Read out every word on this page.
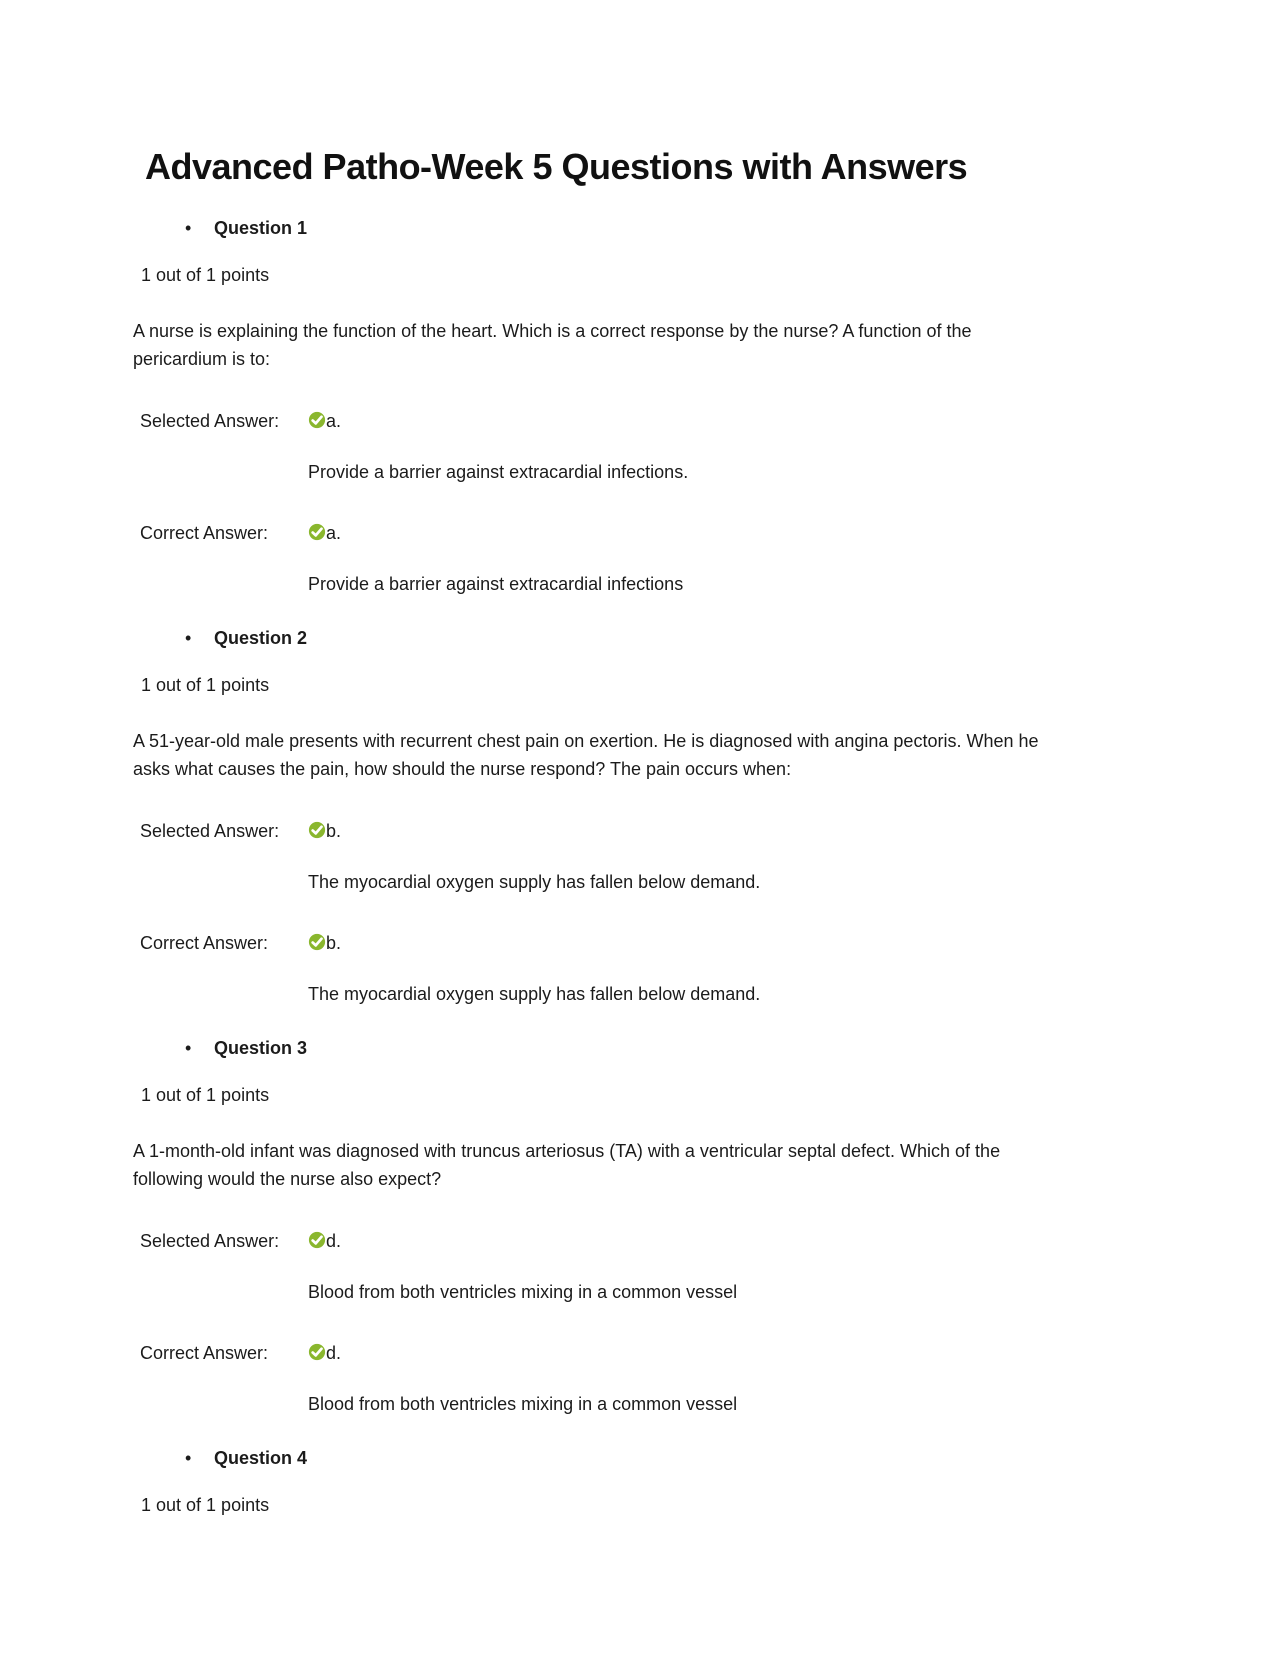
Advanced Patho-Week 5 Questions with Answers
•	Question 1
1 out of 1 points

A nurse is explaining the function of the heart. Which is a correct response by the nurse? A function of the pericardium is to:

Selected Answer:	a.
Provide a barrier against extracardial infections.
Correct Answer:	a.
Provide a barrier against extracardial infections
•	Question 2
1 out of 1 points

A 51-year-old male presents with recurrent chest pain on exertion. He is diagnosed with angina pectoris. When he asks what causes the pain, how should the nurse respond? The pain occurs when:

Selected Answer:	b.
The myocardial oxygen supply has fallen below demand.
Correct Answer:	b.
The myocardial oxygen supply has fallen below demand.
•	Question 3
1 out of 1 points

A 1-month-old infant was diagnosed with truncus arteriosus (TA) with a ventricular septal defect. Which of the following would the nurse also expect?

Selected Answer:	d.
Blood from both ventricles mixing in a common vessel
Correct Answer:	d.
Blood from both ventricles mixing in a common vessel
•	Question 4
1 out of 1 points
